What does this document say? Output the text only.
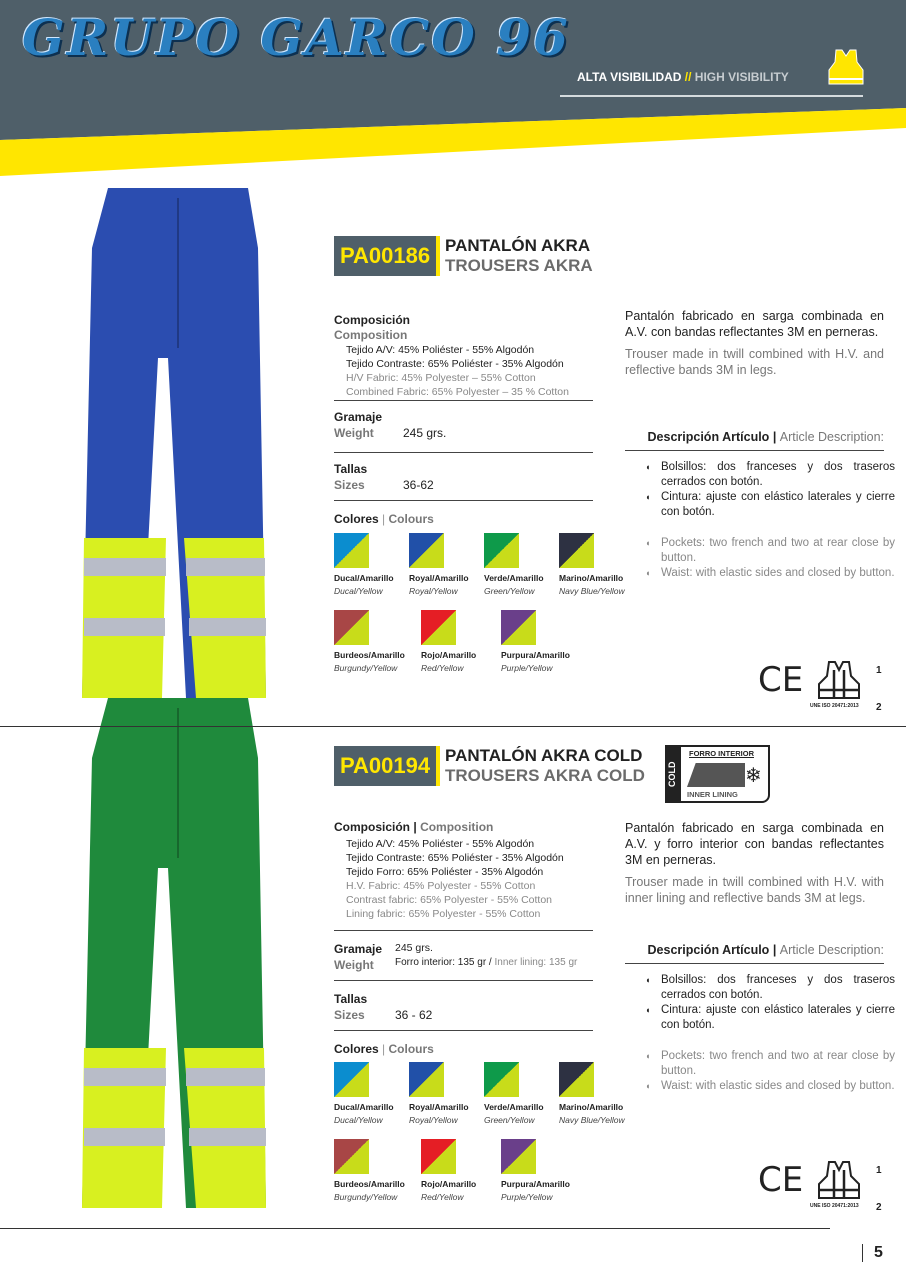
GRUPO GARCO 96
ALTA VISIBILIDAD // HIGH VISIBILITY
PA00186 PANTALÓN AKRA
TROUSERS AKRA
Composición
Composition
Tejido A/V: 45% Poliéster - 55% Algodón
Tejido Contraste: 65% Poliéster - 35% Algodón
H/V Fabric: 45% Polyester – 55% Cotton
Combined Fabric: 65% Polyester – 35 % Cotton
Gramaje
Weight 245 grs.
Tallas
Sizes	36-62
Colores | Colours
Ducal/Amarillo
Ducal/Yellow
Royal/Amarillo
Royal/Yellow
Verde/Amarillo
Green/Yellow
Marino/Amarillo
Navy Blue/Yellow
Burdeos/Amarillo
Burgundy/Yellow
Rojo/Amarillo
Red/Yellow
Purpura/Amarillo
Purple/Yellow
Pantalón fabricado en sarga combinada en A.V. con bandas reflectantes 3M en perneras.
Trouser made in twill combined with H.V. and reflective bands 3M in legs.
Descripción Artículo | Article Description:
◖ Bolsillos: dos franceses y dos traseros cerrados con botón.
◖ Cintura: ajuste con elástico laterales y cierre con botón.
◖ Pockets: two french and two at rear close by button.
◖ Waist: with elastic sides and closed by button.
CE
UNE ISO 20471:2013
1
2
PA00194 PANTALÓN AKRA COLD
TROUSERS AKRA COLD COLD
FORRO INTERIOR
❄
INNER LINING
Composición | Composition
Tejido A/V: 45% Poliéster - 55% Algodón
Tejido Contraste: 65% Poliéster - 35% Algodón
Tejido Forro: 65% Poliéster - 35% Algodón
H.V. Fabric: 45% Polyester - 55% Cotton
Contrast fabric: 65% Polyester - 55% Cotton
Lining fabric: 65% Polyester - 55% Cotton
Gramaje
Weight
245 grs.
Forro interior: 135 gr / Inner lining: 135 gr
Tallas
Sizes	36 - 62
Colores | Colours
Ducal/Amarillo
Ducal/Yellow
Royal/Amarillo
Royal/Yellow
Verde/Amarillo
Green/Yellow
Marino/Amarillo
Navy Blue/Yellow
Burdeos/Amarillo
Burgundy/Yellow
Rojo/Amarillo
Red/Yellow
Purpura/Amarillo
Purple/Yellow
Pantalón fabricado en sarga combinada en A.V. y forro interior con bandas reflectantes 3M en perneras.
Trouser made in twill combined with H.V. with inner lining and reflective bands 3M at legs.
Descripción Artículo | Article Description:
◖ Bolsillos: dos franceses y dos traseros cerrados con botón.
◖ Cintura: ajuste con elástico laterales y cierre con botón.
◖ Pockets: two french and two at rear close by button.
◖ Waist: with elastic sides and closed by button.
CE
UNE ISO 20471:2013
1
2
5
